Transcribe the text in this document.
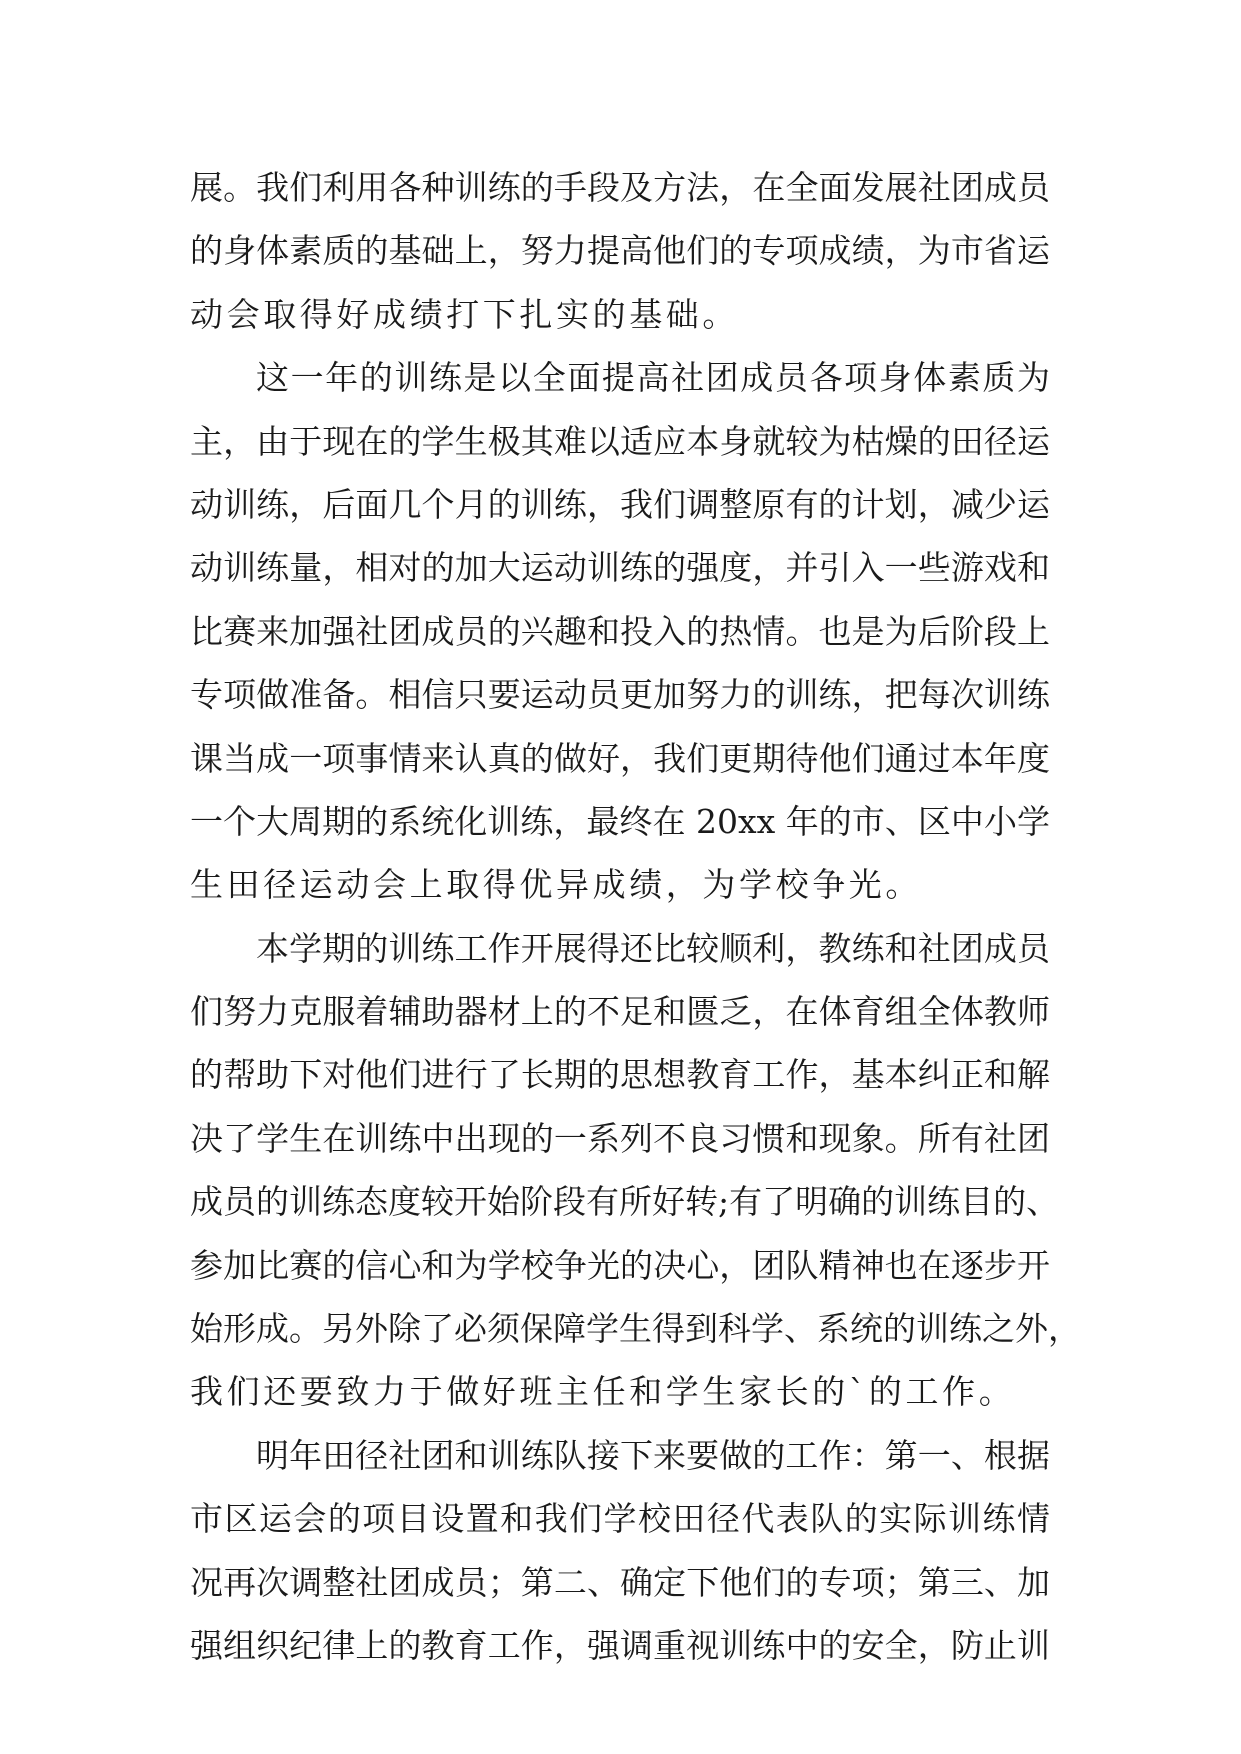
展。我们利用各种训练的手段及方法，在全面发展社团成员
的身体素质的基础上，努力提高他们的专项成绩，为市省运
动会取得好成绩打下扎实的基础。
这一年的训练是以全面提高社团成员各项身体素质为
主，由于现在的学生极其难以适应本身就较为枯燥的田径运
动训练，后面几个月的训练，我们调整原有的计划，减少运
动训练量，相对的加大运动训练的强度，并引入一些游戏和
比赛来加强社团成员的兴趣和投入的热情。也是为后阶段上
专项做准备。相信只要运动员更加努力的训练，把每次训练
课当成一项事情来认真的做好，我们更期待他们通过本年度
一个大周期的系统化训练，最终在 20xx 年的市、区中小学
生田径运动会上取得优异成绩，为学校争光。
本学期的训练工作开展得还比较顺利，教练和社团成员
们努力克服着辅助器材上的不足和匮乏，在体育组全体教师
的帮助下对他们进行了长期的思想教育工作，基本纠正和解
决了学生在训练中出现的一系列不良习惯和现象。所有社团
成员的训练态度较开始阶段有所好转;有了明确的训练目的、
参加比赛的信心和为学校争光的决心，团队精神也在逐步开
始形成。另外除了必须保障学生得到科学、系统的训练之外，
我们还要致力于做好班主任和学生家长的`的工作。
明年田径社团和训练队接下来要做的工作：第一、根据
市区运会的项目设置和我们学校田径代表队的实际训练情
况再次调整社团成员；第二、确定下他们的专项；第三、加
强组织纪律上的教育工作，强调重视训练中的安全，防止训
